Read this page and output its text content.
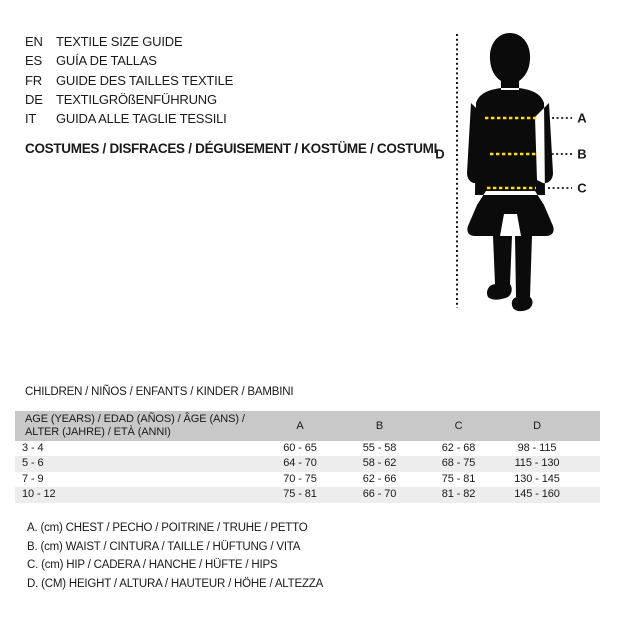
EN	TEXTILE SIZE GUIDE
ES	GUÍA DE TALLAS
FR	GUIDE DES TAILLES TEXTILE
DE	TEXTILGRÖßENFÜHRUNG
IT	GUIDA ALLE TAGLIE TESSILI
COSTUMES / DISFRACES / DÉGUISEMENT / KOSTÜME / COSTUMI
A
B
C
D
CHILDREN / NIÑOS / ENFANTS / KINDER / BAMBINI
AGE (YEARS) / EDAD (AÑOS) / ÂGE (ANS) /
ALTER (JAHRE) / ETÀ (ANNI)	A	B	C	D	
3 - 4	60 - 65	55 - 58	62 - 68	98 - 115	
5 - 6	64 - 70	58 - 62	68 - 75	115 - 130	
7 - 9	70 - 75	62 - 66	75 - 81	130 - 145	
10 - 12	75 - 81	66 - 70	81 - 82	145 - 160	
A. (cm) CHEST / PECHO / POITRINE / TRUHE / PETTO
B. (cm) WAIST / CINTURA / TAILLE / HÜFTUNG / VITA
C. (cm) HIP / CADERA / HANCHE / HÜFTE / HIPS
D. (CM) HEIGHT / ALTURA / HAUTEUR / HÖHE / ALTEZZA
